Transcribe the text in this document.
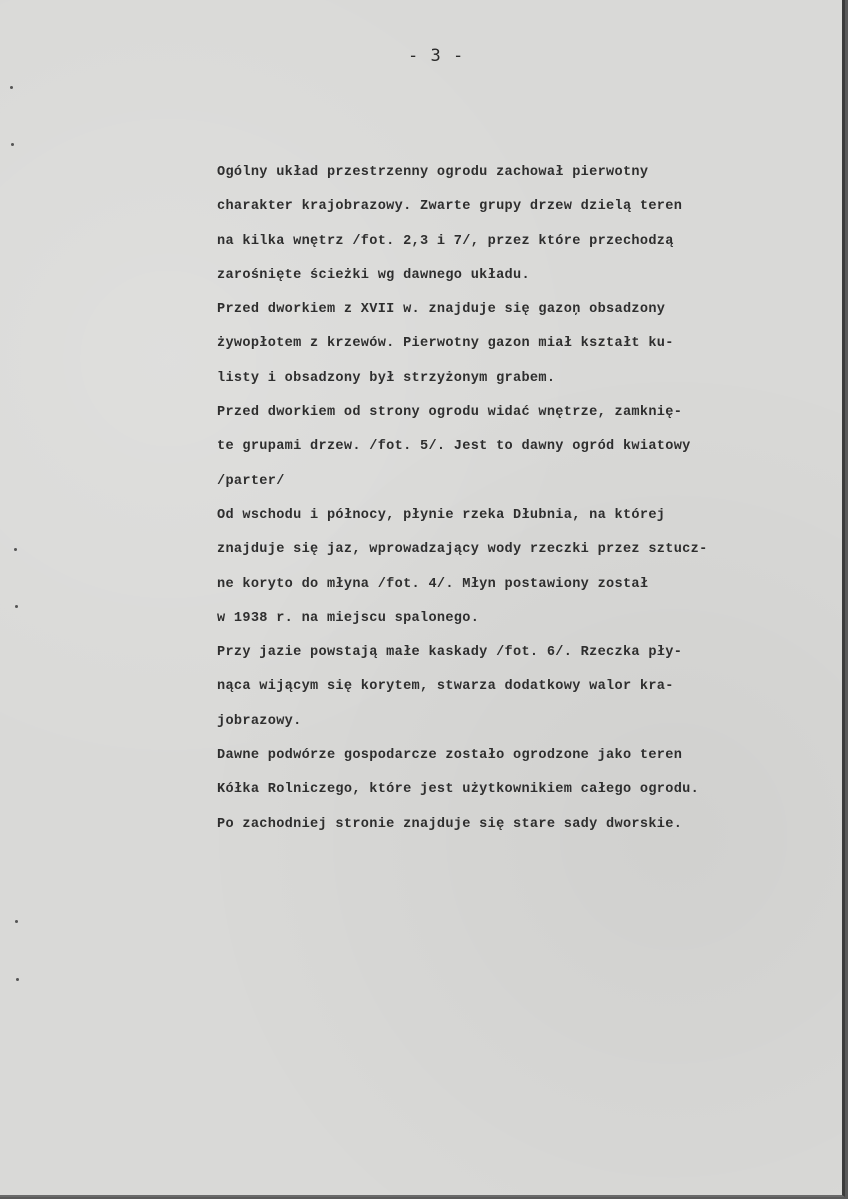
- 3 -
Ogólny układ przestrzenny ogrodu zachował pierwotny
charakter krajobrazowy. Zwarte grupy drzew dzielą teren
na kilka wnętrz /fot. 2,3 i 7/, przez które przechodzą
zarośnięte ścieżki wg dawnego układu.
Przed dworkiem z XVII w. znajduje się gazoņ obsadzony
żywopłotem z krzewów. Pierwotny gazon miał kształt ku-
listy i obsadzony był strzyżonym grabem.
Przed dworkiem od strony ogrodu widać wnętrze, zamknię-
te grupami drzew. /fot. 5/. Jest to dawny ogród kwiatowy
/parter/
Od wschodu i północy, płynie rzeka Dłubnia, na której
znajduje się jaz, wprowadzający wody rzeczki przez sztucz-
ne koryto do młyna /fot. 4/. Młyn postawiony został
w 1938 r. na miejscu spalonego.
Przy jazie powstają małe kaskady /fot. 6/. Rzeczka pły-
nąca wijącym się korytem, stwarza dodatkowy walor kra-
jobrazowy.
Dawne podwórze gospodarcze zostało ogrodzone jako teren
Kółka Rolniczego, które jest użytkownikiem całego ogrodu.
Po zachodniej stronie znajduje się stare sady dworskie.
